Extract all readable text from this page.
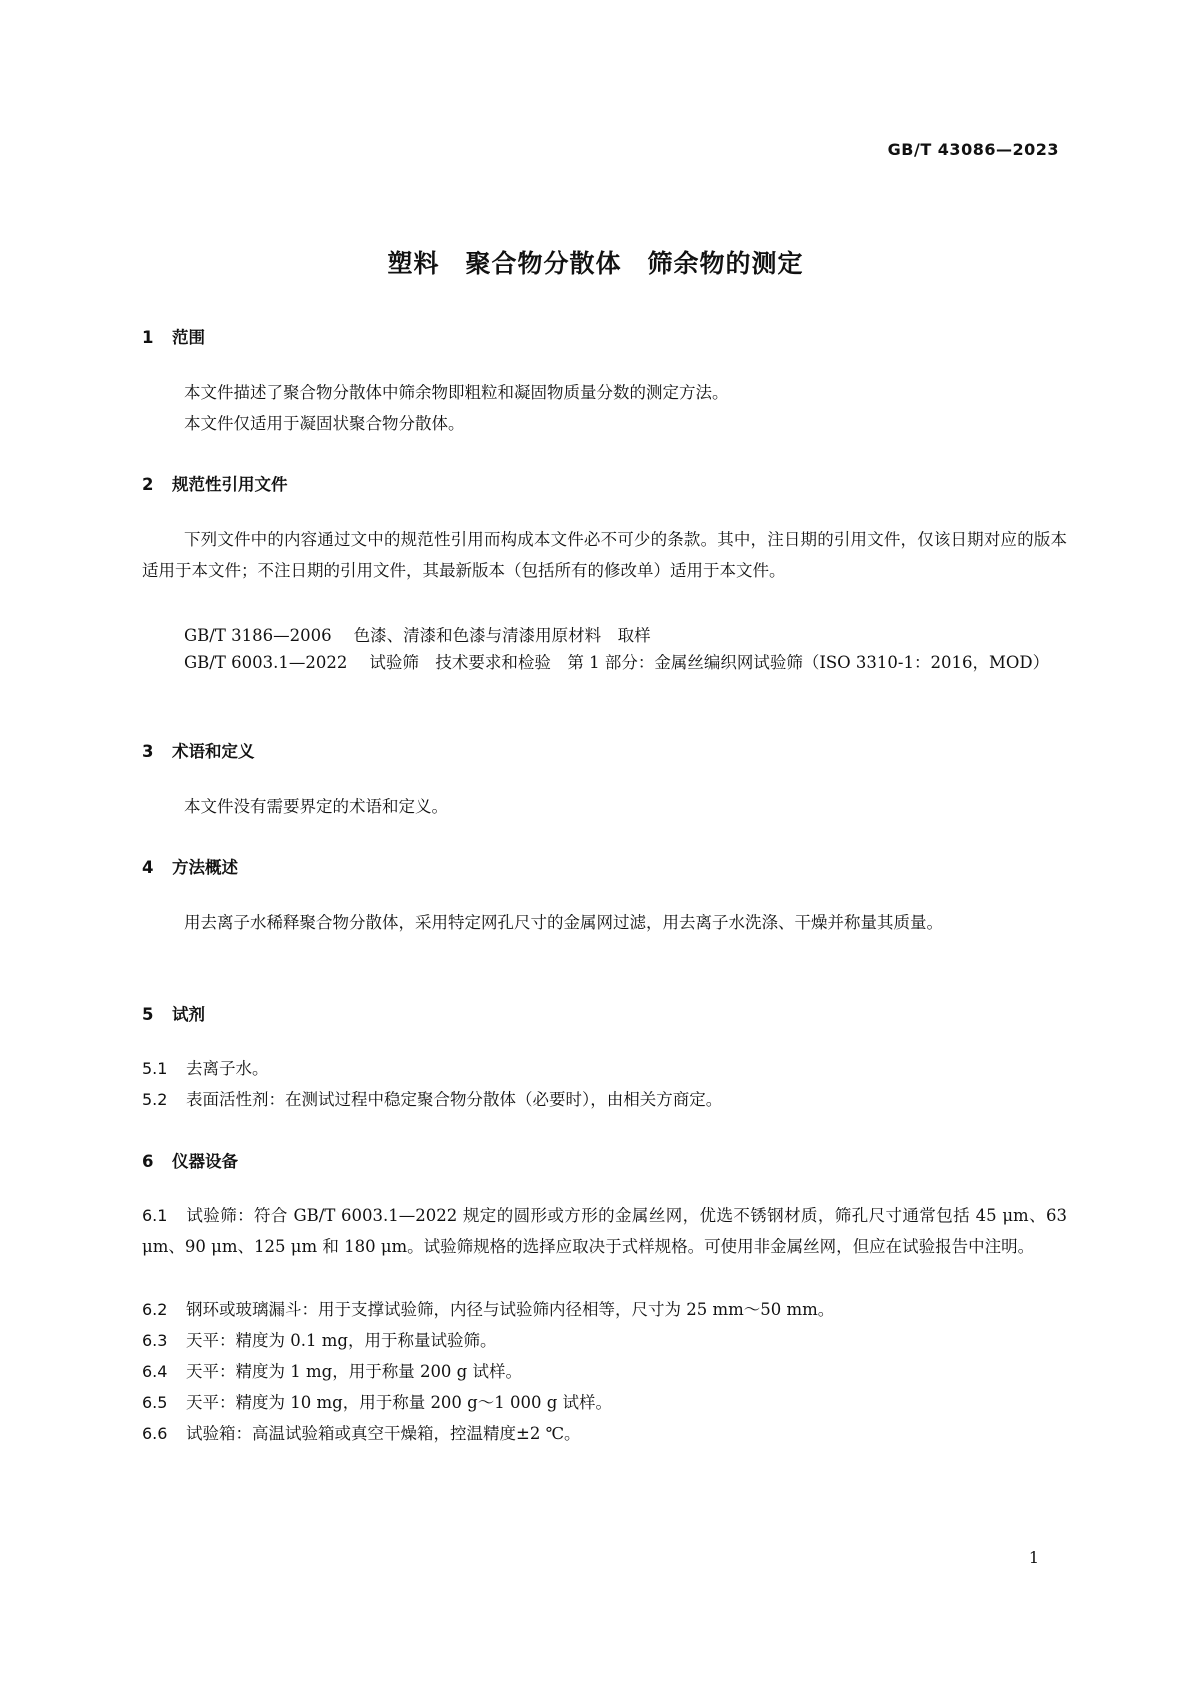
GB/T 43086—2023
塑料　聚合物分散体　筛余物的测定
1 范围
本文件描述了聚合物分散体中筛余物即粗粒和凝固物质量分数的测定方法。
本文件仅适用于凝固状聚合物分散体。
2 规范性引用文件
下列文件中的内容通过文中的规范性引用而构成本文件必不可少的条款。其中，注日期的引用文件，仅该日期对应的版本适用于本文件；不注日期的引用文件，其最新版本（包括所有的修改单）适用于本文件。
GB/T 3186—2006 色漆、清漆和色漆与清漆用原材料　取样
GB/T 6003.1—2022 试验筛　技术要求和检验　第 1 部分：金属丝编织网试验筛（ISO 3310-1：2016，MOD）
3 术语和定义
本文件没有需要界定的术语和定义。
4 方法概述
用去离子水稀释聚合物分散体，采用特定网孔尺寸的金属网过滤，用去离子水洗涤、干燥并称量其质量。
5 试剂
5.1 去离子水。
5.2 表面活性剂：在测试过程中稳定聚合物分散体（必要时），由相关方商定。
6 仪器设备
6.1 试验筛：符合 GB/T 6003.1—2022 规定的圆形或方形的金属丝网，优选不锈钢材质，筛孔尺寸通常包括 45 μm、63 μm、90 μm、125 μm 和 180 μm。试验筛规格的选择应取决于式样规格。可使用非金属丝网，但应在试验报告中注明。
6.2 钢环或玻璃漏斗：用于支撑试验筛，内径与试验筛内径相等，尺寸为 25 mm～50 mm。
6.3 天平：精度为 0.1 mg，用于称量试验筛。
6.4 天平：精度为 1 mg，用于称量 200 g 试样。
6.5 天平：精度为 10 mg，用于称量 200 g～1 000 g 试样。
6.6 试验箱：高温试验箱或真空干燥箱，控温精度±2 ℃。
1
